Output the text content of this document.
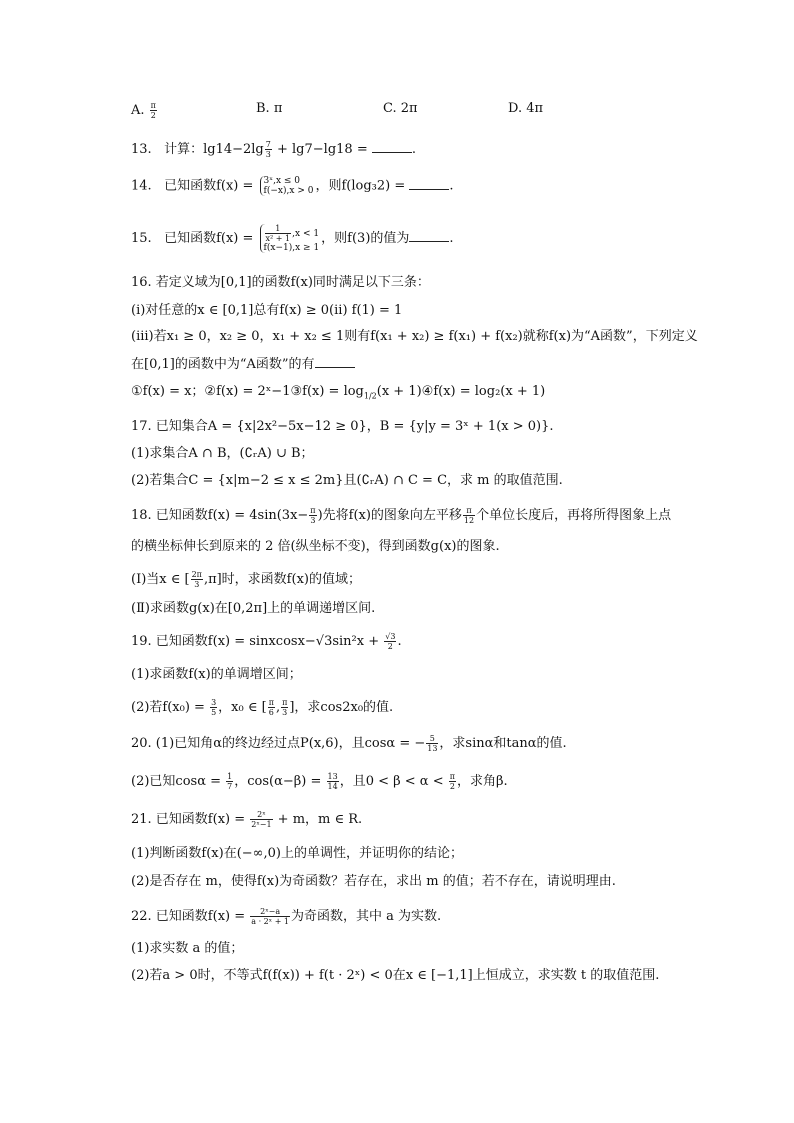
A. $\frac{\pi}{2}$	B. π	C. 2π	D. 4π
13. 计算：$\lg 14-2\lg \frac{7}{3} + \lg 7-\lg 18$ =	.
14. 已知函数f(x) = 3ˣ,x ≤ 0
f(−x),x > 0 ，则f(log₃2) =	.
15. 已知函数$f(x) = \frac{1}{\text{x² + 1}} ,x < 1$
f(x−1),x ≥ 1
，则f(3)的值为	.
16. 若定义域为[0,1]的函数f(x)同时满足以下三条：
(i)对任意的x ∈ [0,1]总有f(x) ≥ 0(ii) f(1) = 1
(iii)若x₁ ≥ 0，x₂ ≥ 0，x₁ + x₂ ≤ 1则有f(x₁ + x₂) ≥ f(x₁) + f(x₂)就称f(x)为“A函数”，下列定义
在[0,1]的函数中为“A函数”的有
①f(x) = x；②f(x) = 2ˣ−1③f(x) = $\log_{1/2}(x$ + 1)④f(x) = log₂(x + 1)
17. 已知集合A = {x|2x²−5x−12 ≥ 0}，B = {y|y = 3ˣ + 1(x > 0)}.
(1)求集合A ∩ B，(∁ᵣA) ∪ B；
(2)若集合C = {x|m−2 ≤ x ≤ 2m}且(∁ᵣA) ∩ C = C，求 m 的取值范围.
18. 已知函数$f(x) = 4\sin(3x- \frac{\pi}{3}$ )先将f(x)的图象向左平移 $\frac{\pi}{12}$ 个单位长度后，再将所得图象上点
的横坐标伸长到原来的 2 倍(纵坐标不变)，得到函数g(x)的图象.
(Ⅰ)当x ∈ [ $\frac{2\pi}{3} ,\pi$]时，求函数f(x)的值域；
(Ⅱ)求函数g(x)在[0,2π]上的单调递增区间.
19. 已知函数f(x) = sinxcosx−√3sin²x + $\frac{√3}{2}$ .
(1)求函数f(x)的单调增区间；
(2)若$f(x_0) = \frac{3}{5}$ ，x₀ ∈ [ $\frac{\pi}{6}$ , $\frac{\pi}{3}$ ]，求cos2x₀的值.
20. (1)已知角α的终边经过点P(x,6)，且cosα = − $\frac{5}{13}$ ，求sinα和tanα的值.
(2)已知$\cos\alpha = \frac{1}{7}$ ，$\cos(\alpha-\beta) = \frac{13}{14}$ ，且$0 < \beta < \alpha < \frac{\pi}{2}$ ，求角β.
21. 已知函数$f(x) = \frac{\text{2ˣ}}{\text{2ˣ−1}} + m$，m ∈ R.
(1)判断函数f(x)在(−∞,0)上的单调性，并证明你的结论；
(2)是否存在 m，使得f(x)为奇函数？若存在，求出 m 的值；若不存在，请说明理由.
22. 已知函数$f(x) = \frac{\text{2ˣ−a}}{\text{a · 2ˣ + 1}}$ 为奇函数，其中 a 为实数.
(1)求实数 a 的值；
(2)若a > 0时，不等式f(f(x)) + f(t · 2ˣ) < 0在x ∈ [−1,1]上恒成立，求实数 t 的取值范围.
